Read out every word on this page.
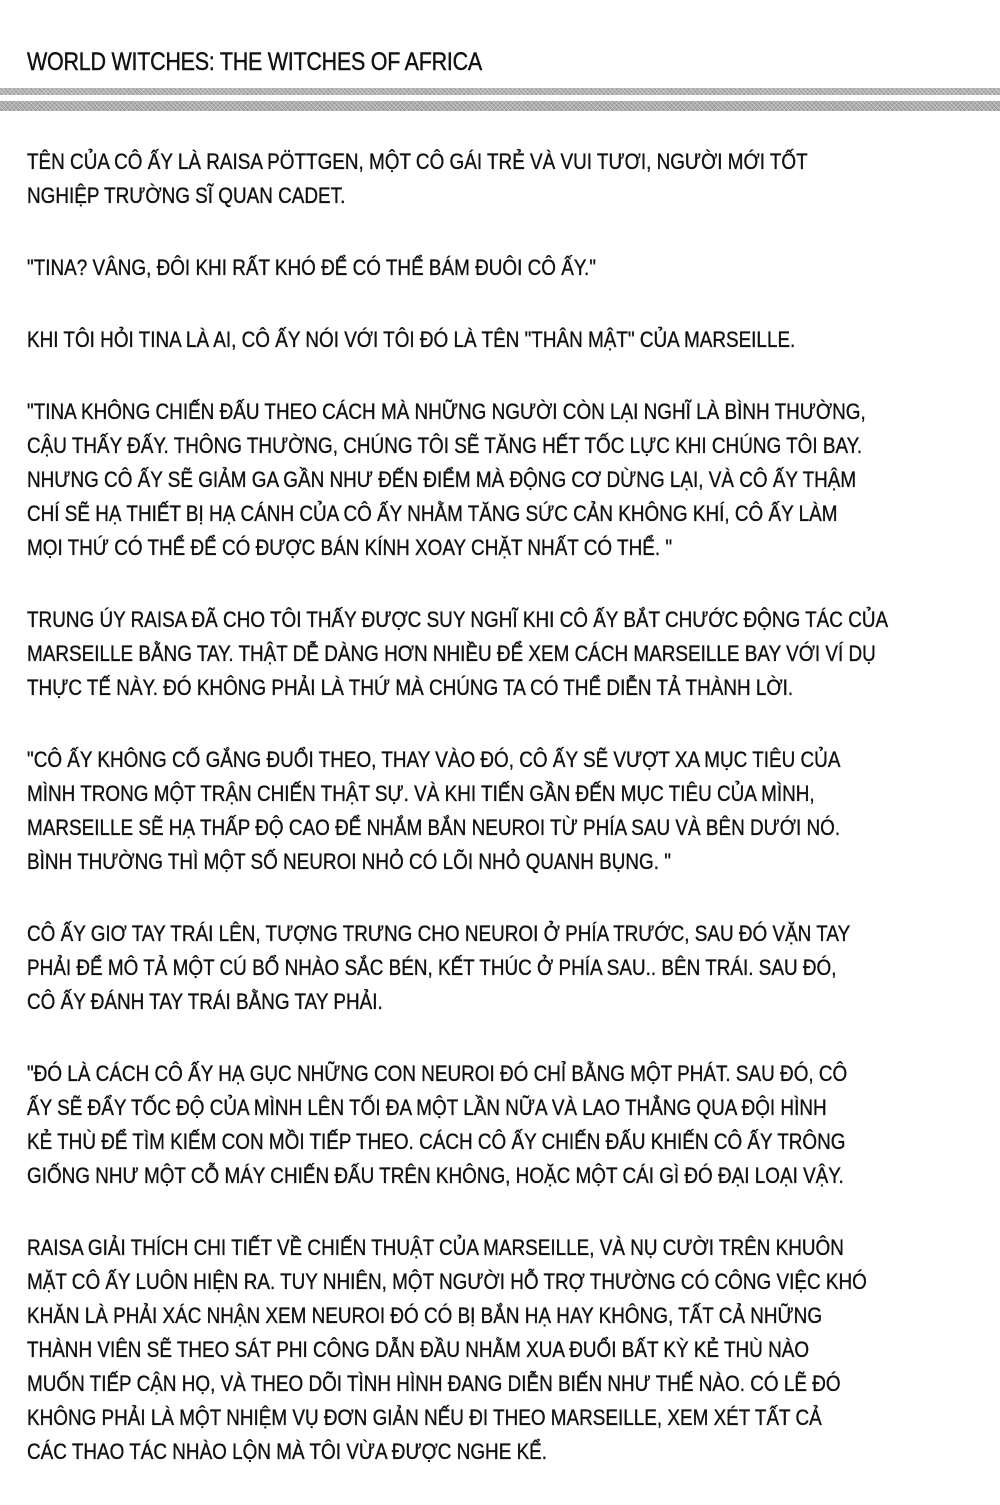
WORLD WITCHES: THE WITCHES OF AFRICA

TÊN CỦA CÔ ẤY LÀ RAISA PÖTTGEN, MỘT CÔ GÁI TRẺ VÀ VUI TƯƠI, NGƯỜI MỚI TỐT
NGHIỆP TRƯỜNG SĨ QUAN CADET.

"TINA? VÂNG, ĐÔI KHI RẤT KHÓ ĐỂ CÓ THỂ BÁM ĐUÔI CÔ ẤY."

KHI TÔI HỎI TINA LÀ AI, CÔ ẤY NÓI VỚI TÔI ĐÓ LÀ TÊN "THÂN MẬT" CỦA MARSEILLE.

"TINA KHÔNG CHIẾN ĐẤU THEO CÁCH MÀ NHỮNG NGƯỜI CÒN LẠI NGHĨ LÀ BÌNH THƯỜNG,
CẬU THẤY ĐẤY. THÔNG THƯỜNG, CHÚNG TÔI SẼ TĂNG HẾT TỐC LỰC KHI CHÚNG TÔI BAY.
NHƯNG CÔ ẤY SẼ GIẢM GA GẦN NHƯ ĐẾN ĐIỂM MÀ ĐỘNG CƠ DỪNG LẠI, VÀ CÔ ẤY THẬM
CHÍ SẼ HẠ THIẾT BỊ HẠ CÁNH CỦA CÔ ẤY NHẰM TĂNG SỨC CẢN KHÔNG KHÍ, CÔ ẤY LÀM
MỌI THỨ CÓ THỂ ĐỂ CÓ ĐƯỢC BÁN KÍNH XOAY CHẶT NHẤT CÓ THỂ. "

TRUNG ÚY RAISA ĐÃ CHO TÔI THẤY ĐƯỢC SUY NGHĨ KHI CÔ ẤY BẮT CHƯỚC ĐỘNG TÁC CỦA
MARSEILLE BẰNG TAY. THẬT DỄ DÀNG HƠN NHIỀU ĐỂ XEM CÁCH MARSEILLE BAY VỚI VÍ DỤ
THỰC TẾ NÀY. ĐÓ KHÔNG PHẢI LÀ THỨ MÀ CHÚNG TA CÓ THỂ DIỄN TẢ THÀNH LỜI.

"CÔ ẤY KHÔNG CỐ GẮNG ĐUỔI THEO, THAY VÀO ĐÓ, CÔ ẤY SẼ VƯỢT XA MỤC TIÊU CỦA
MÌNH TRONG MỘT TRẬN CHIẾN THẬT SỰ. VÀ KHI TIẾN GẦN ĐẾN MỤC TIÊU CỦA MÌNH,
MARSEILLE SẼ HẠ THẤP ĐỘ CAO ĐỂ NHẮM BẮN NEUROI TỪ PHÍA SAU VÀ BÊN DƯỚI NÓ.
BÌNH THƯỜNG THÌ MỘT SỐ NEUROI NHỎ CÓ LÕI NHỎ QUANH BỤNG. "

CÔ ẤY GIƠ TAY TRÁI LÊN, TƯỢNG TRƯNG CHO NEUROI Ở PHÍA TRƯỚC, SAU ĐÓ VẶN TAY
PHẢI ĐỂ MÔ TẢ MỘT CÚ BỔ NHÀO SẮC BÉN, KẾT THÚC Ở PHÍA SAU.. BÊN TRÁI. SAU ĐÓ,
CÔ ẤY ĐÁNH TAY TRÁI BẰNG TAY PHẢI.

"ĐÓ LÀ CÁCH CÔ ẤY HẠ GỤC NHỮNG CON NEUROI ĐÓ CHỈ BẰNG MỘT PHÁT. SAU ĐÓ, CÔ
ẤY SẼ ĐẨY TỐC ĐỘ CỦA MÌNH LÊN TỐI ĐA MỘT LẦN NỮA VÀ LAO THẲNG QUA ĐỘI HÌNH
KẺ THÙ ĐỂ TÌM KIẾM CON MỒI TIẾP THEO. CÁCH CÔ ẤY CHIẾN ĐẤU KHIẾN CÔ ẤY TRÔNG
GIỐNG NHƯ MỘT CỖ MÁY CHIẾN ĐẤU TRÊN KHÔNG, HOẶC MỘT CÁI GÌ ĐÓ ĐẠI LOẠI VẬY.

RAISA GIẢI THÍCH CHI TIẾT VỀ CHIẾN THUẬT CỦA MARSEILLE, VÀ NỤ CƯỜI TRÊN KHUÔN
MẶT CÔ ẤY LUÔN HIỆN RA. TUY NHIÊN, MỘT NGƯỜI HỖ TRỢ THƯỜNG CÓ CÔNG VIỆC KHÓ
KHĂN LÀ PHẢI XÁC NHẬN XEM NEUROI ĐÓ CÓ BỊ BẮN HẠ HAY KHÔNG, TẤT CẢ NHỮNG
THÀNH VIÊN SẼ THEO SÁT PHI CÔNG DẪN ĐẦU NHẰM XUA ĐUỔI BẤT KỲ KẺ THÙ NÀO
MUỐN TIẾP CẬN HỌ, VÀ THEO DÕI TÌNH HÌNH ĐANG DIỄN BIẾN NHƯ THẾ NÀO. CÓ LẼ ĐÓ
KHÔNG PHẢI LÀ MỘT NHIỆM VỤ ĐƠN GIẢN NẾU ĐI THEO MARSEILLE, XEM XÉT TẤT CẢ
CÁC THAO TÁC NHÀO LỘN MÀ TÔI VỪA ĐƯỢC NGHE KỂ.
